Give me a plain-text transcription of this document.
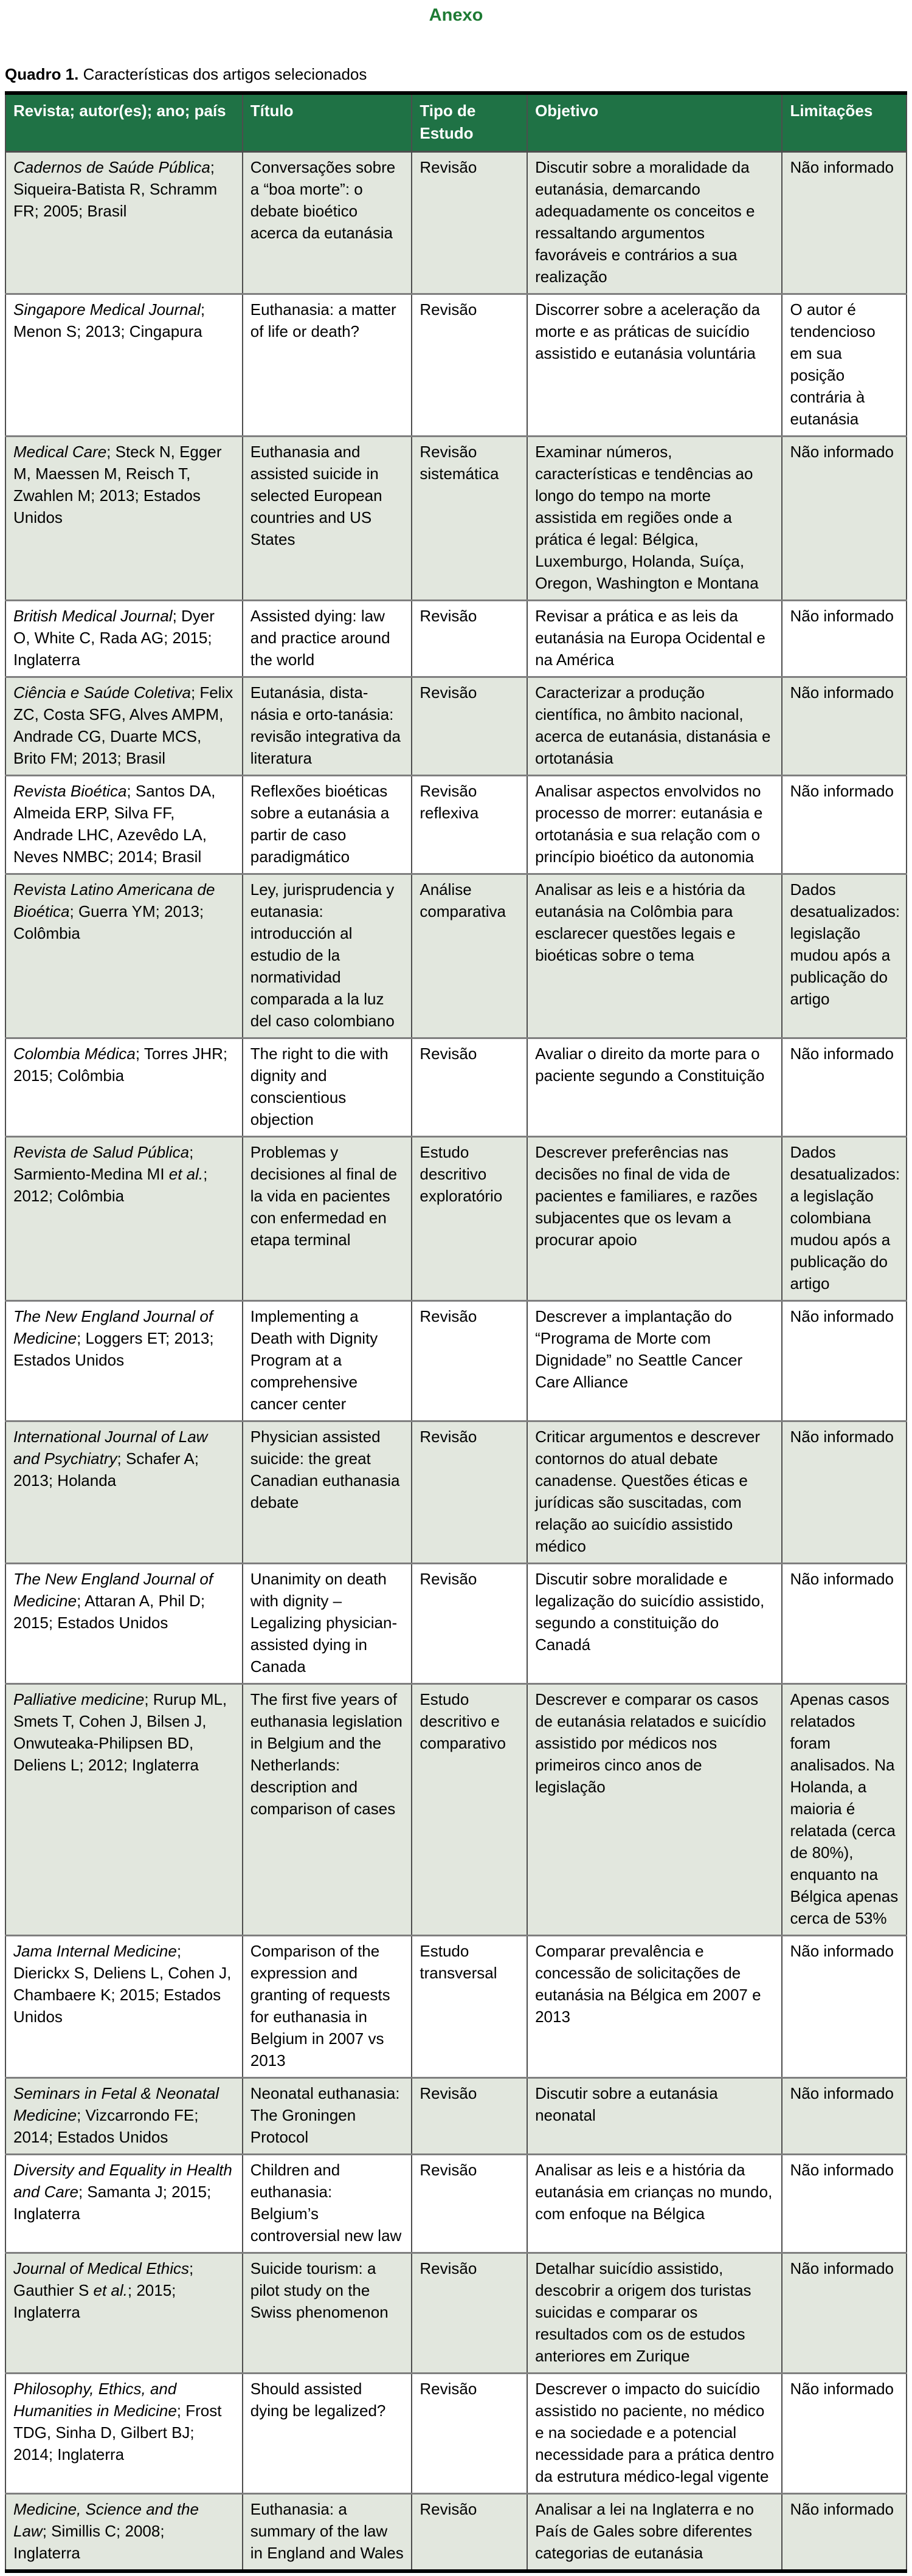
Anexo

Quadro 1. Características dos artigos selecionados

Revista; autor(es); ano; país	Título	Tipo de Estudo	Objetivo	Limitações
Cadernos de Saúde Pública; Siqueira-Batista R, Schramm FR; 2005; Brasil	Conversações sobre a “boa morte”: o debate bioético acerca da eutanásia	Revisão	Discutir sobre a moralidade da eutanásia, demarcando adequadamente os conceitos e ressaltando argumentos favoráveis e contrários a sua realização	Não informado
Singapore Medical Journal; Menon S; 2013; Cingapura	Euthanasia: a matter of life or death?	Revisão	Discorrer sobre a aceleração da morte e as práticas de suicídio assistido e eutanásia voluntária	O autor é tendencioso em sua posição contrária à eutanásia
Medical Care; Steck N, Egger M, Maessen M, Reisch T, Zwahlen M; 2013; Estados Unidos	Euthanasia and assisted suicide in selected European countries and US States	Revisão sistemática	Examinar números, características e tendências ao longo do tempo na morte assistida em regiões onde a prática é legal: Bélgica, Luxemburgo, Holanda, Suíça, Oregon, Washington e Montana	Não informado
British Medical Journal; Dyer O, White C, Rada AG; 2015; Inglaterra	Assisted dying: law and practice around the world	Revisão	Revisar a prática e as leis da eutanásia na Europa Ocidental e na América	Não informado
Ciência e Saúde Coletiva; Felix ZC, Costa SFG, Alves AMPM, Andrade CG, Duarte MCS, Brito FM; 2013; Brasil	Eutanásia, dista-násia e orto-tanásia: revisão integrativa da literatura	Revisão	Caracterizar a produção científica, no âmbito nacional, acerca de eutanásia, distanásia e ortotanásia	Não informado
Revista Bioética; Santos DA, Almeida ERP, Silva FF, Andrade LHC, Azevêdo LA, Neves NMBC; 2014; Brasil	Reflexões bioéticas sobre a eutanásia a partir de caso paradigmático	Revisão reflexiva	Analisar aspectos envolvidos no processo de morrer: eutanásia e ortotanásia e sua relação com o princípio bioético da autonomia	Não informado
Revista Latino Americana de Bioética; Guerra YM; 2013; Colômbia	Ley, jurisprudencia y eutanasia: introducción al estudio de la normatividad comparada a la luz del caso colombiano	Análise comparativa	Analisar as leis e a história da eutanásia na Colômbia para esclarecer questões legais e bioéticas sobre o tema	Dados desatualizados: legislação mudou após a publicação do artigo
Colombia Médica; Torres JHR; 2015; Colômbia	The right to die with dignity and conscientious objection	Revisão	Avaliar o direito da morte para o paciente segundo a Constituição	Não informado
Revista de Salud Pública; Sarmiento-Medina MI et al.; 2012; Colômbia	Problemas y decisiones al final de la vida en pacientes con enfermedad en etapa terminal	Estudo descritivo exploratório	Descrever preferências nas decisões no final de vida de pacientes e familiares, e razões subjacentes que os levam a procurar apoio	Dados desatualizados: a legislação colombiana mudou após a publicação do artigo
The New England Journal of Medicine; Loggers ET; 2013; Estados Unidos	Implementing a Death with Dignity Program at a comprehensive cancer center	Revisão	Descrever a implantação do “Programa de Morte com Dignidade” no Seattle Cancer Care Alliance	Não informado
International Journal of Law and Psychiatry; Schafer A; 2013; Holanda	Physician assisted suicide: the great Canadian euthanasia debate	Revisão	Criticar argumentos e descrever contornos do atual debate canadense. Questões éticas e jurídicas são suscitadas, com relação ao suicídio assistido médico	Não informado
The New England Journal of Medicine; Attaran A, Phil D; 2015; Estados Unidos	Unanimity on death with dignity – Legalizing physician-assisted dying in Canada	Revisão	Discutir sobre moralidade e legalização do suicídio assistido, segundo a constituição do Canadá	Não informado
Palliative medicine; Rurup ML, Smets T, Cohen J, Bilsen J, Onwuteaka-Philipsen BD, Deliens L; 2012; Inglaterra	The first five years of euthanasia legislation in Belgium and the Netherlands: description and comparison of cases	Estudo descritivo e comparativo	Descrever e comparar os casos de eutanásia relatados e suicídio assistido por médicos nos primeiros cinco anos de legislação	Apenas casos relatados foram analisados. Na Holanda, a maioria é relatada (cerca de 80%), enquanto na Bélgica apenas cerca de 53%
Jama Internal Medicine; Dierickx S, Deliens L, Cohen J, Chambaere K; 2015; Estados Unidos	Comparison of the expression and granting of requests for euthanasia in Belgium in 2007 vs 2013	Estudo transversal	Comparar prevalência e concessão de solicitações de eutanásia na Bélgica em 2007 e 2013	Não informado
Seminars in Fetal & Neonatal Medicine; Vizcarrondo FE; 2014; Estados Unidos	Neonatal euthanasia: The Groningen Protocol	Revisão	Discutir sobre a eutanásia neonatal	Não informado
Diversity and Equality in Health and Care; Samanta J; 2015; Inglaterra	Children and euthanasia: Belgium’s controversial new law	Revisão	Analisar as leis e a história da eutanásia em crianças no mundo, com enfoque na Bélgica	Não informado
Journal of Medical Ethics; Gauthier S et al.; 2015; Inglaterra	Suicide tourism: a pilot study on the Swiss phenomenon	Revisão	Detalhar suicídio assistido, descobrir a origem dos turistas suicidas e comparar os resultados com os de estudos anteriores em Zurique	Não informado
Philosophy, Ethics, and Humanities in Medicine; Frost TDG, Sinha D, Gilbert BJ; 2014; Inglaterra	Should assisted dying be legalized?	Revisão	Descrever o impacto do suicídio assistido no paciente, no médico e na sociedade e a potencial necessidade para a prática dentro da estrutura médico-legal vigente	Não informado
Medicine, Science and the Law; Simillis C; 2008; Inglaterra	Euthanasia: a summary of the law in England and Wales	Revisão	Analisar a lei na Inglaterra e no País de Gales sobre diferentes categorias de eutanásia	Não informado
